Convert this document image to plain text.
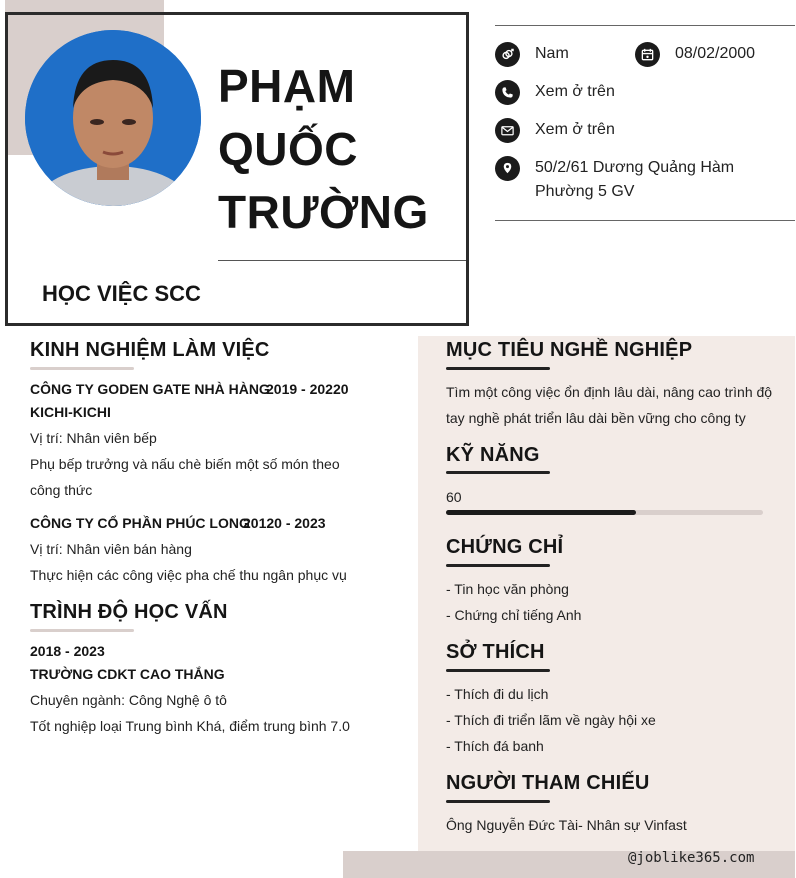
PHẠM
QUỐC
TRƯỜNG
HỌC VIỆC SCC
Nam	08/02/2000
Xem ở trên
Xem ở trên
50/2/61 Dương Quảng Hàm
Phường 5 GV
KINH NGHIỆM LÀM VIỆC
CÔNG TY GODEN GATE NHÀ HÀNG
2019 - 20220
KICHI-KICHI
Vị trí: Nhân viên bếp
Phụ bếp trưởng và nấu chè biến một số món theo
công thức
CÔNG TY CỔ PHẦN PHÚC LONG
20120 - 2023
Vị trí: Nhân viên bán hàng
Thực hiện các công việc pha chế thu ngân phục vụ
TRÌNH ĐỘ HỌC VẤN
2018 - 2023
TRƯỜNG CDKT CAO THẮNG
Chuyên ngành: Công Nghệ ô tô
Tốt nghiệp loại Trung bình Khá, điểm trung bình 7.0
MỤC TIÊU NGHỀ NGHIỆP
Tìm một công việc ổn định lâu dài, nâng cao trình độ
tay nghề phát triển lâu dài bền vững cho công ty
KỸ NĂNG
60
CHỨNG CHỈ
- Tin học văn phòng
- Chứng chỉ tiếng Anh
SỞ THÍCH
- Thích đi du lịch
- Thích đi triển lãm về ngày hội xe
- Thích đá banh
NGƯỜI THAM CHIẾU
Ông Nguyễn Đức Tài- Nhân sự Vinfast
@joblike365.com
